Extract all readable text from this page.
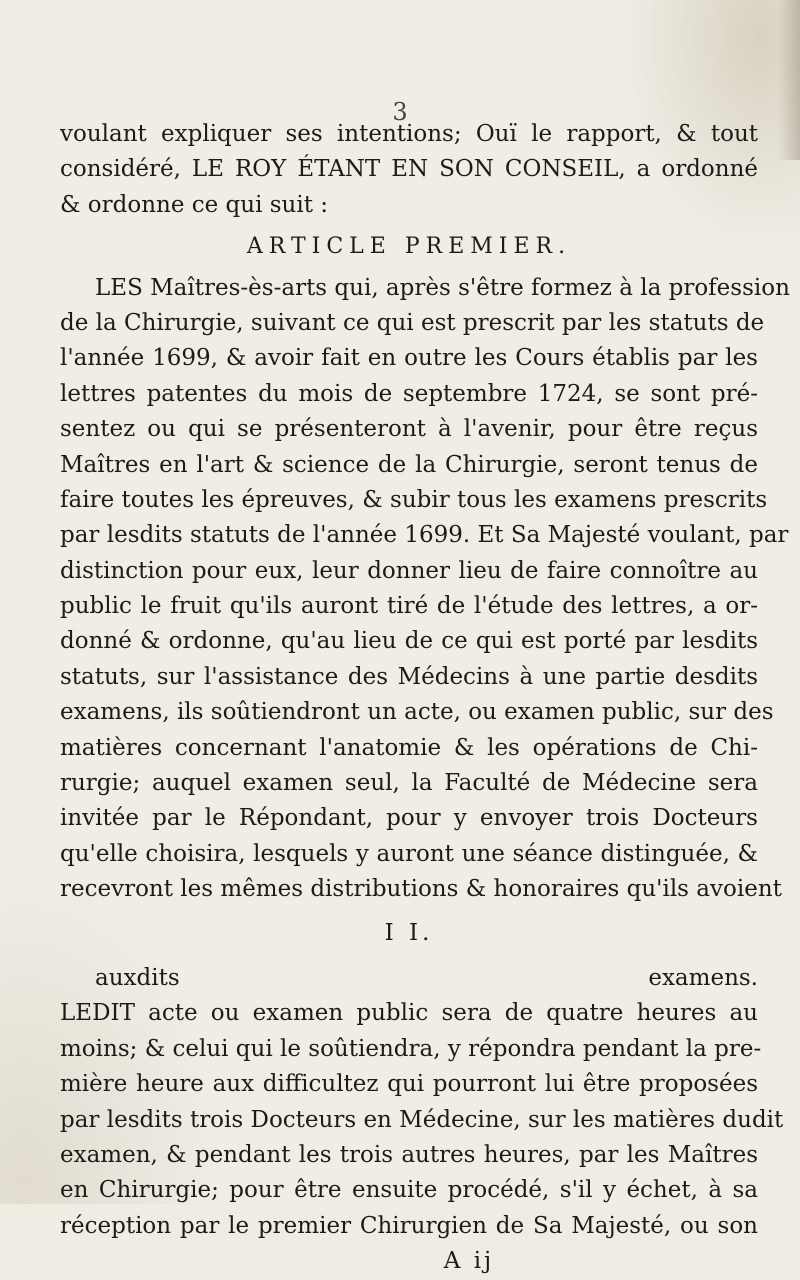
3
voulant expliquer ses intentions; Ouï le rapport, & tout
considéré, LE ROY ÉTANT EN SON CONSEIL, a ordonné
& ordonne ce qui suit :
ARTICLE PREMIER.
LES Maîtres-ès-arts qui, après s'être formez à la profession
de la Chirurgie, suivant ce qui est prescrit par les statuts de
l'année 1699, & avoir fait en outre les Cours établis par les
lettres patentes du mois de septembre 1724, se sont pré-
sentez ou qui se présenteront à l'avenir, pour être reçus
Maîtres en l'art & science de la Chirurgie, seront tenus de
faire toutes les épreuves, & subir tous les examens prescrits
par lesdits statuts de l'année 1699. Et Sa Majesté voulant, par
distinction pour eux, leur donner lieu de faire connoître au
public le fruit qu'ils auront tiré de l'étude des lettres, a or-
donné & ordonne, qu'au lieu de ce qui est porté par lesdits
statuts, sur l'assistance des Médecins à une partie desdits
examens, ils soûtiendront un acte, ou examen public, sur des
matières concernant l'anatomie & les opérations de Chi-
rurgie; auquel examen seul, la Faculté de Médecine sera
invitée par le Répondant, pour y envoyer trois Docteurs
qu'elle choisira, lesquels y auront une séance distinguée, &
recevront les mêmes distributions & honoraires qu'ils avoient
I I.
auxdits examens.
LEDIT acte ou examen public sera de quatre heures au
moins; & celui qui le soûtiendra, y répondra pendant la pre-
mière heure aux difficultez qui pourront lui être proposées
par lesdits trois Docteurs en Médecine, sur les matières dudit
examen, & pendant les trois autres heures, par les Maîtres
en Chirurgie; pour être ensuite procédé, s'il y échet, à sa
réception par le premier Chirurgien de Sa Majesté, ou son
A ij
